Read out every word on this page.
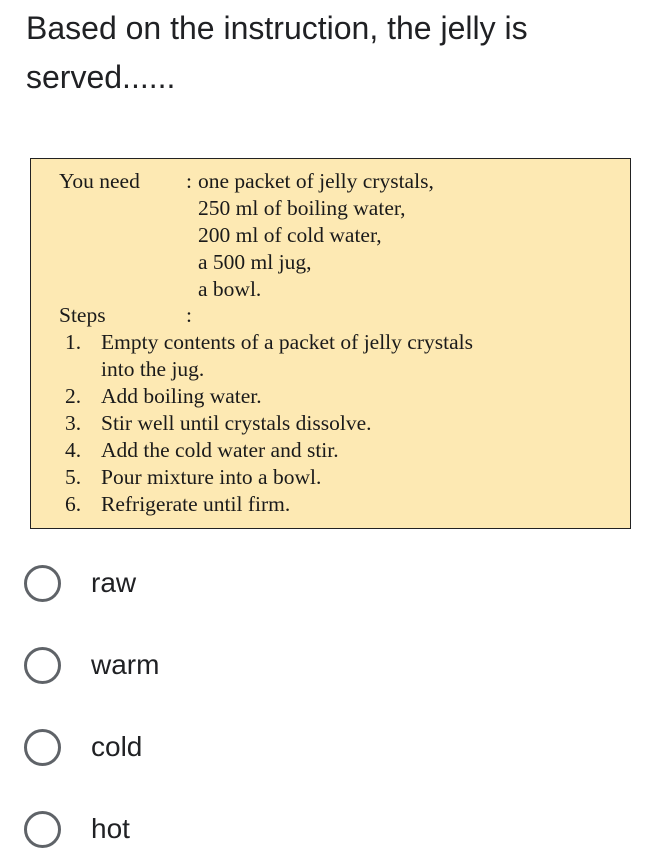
Based on the instruction, the jelly is
served......
You need : one packet of jelly crystals,
250 ml of boiling water,
200 ml of cold water,
a 500 ml jug,
a bowl.
Steps	:
1. Empty contents of a packet of jelly crystals
into the jug.
2. Add boiling water.
3. Stir well until crystals dissolve.
4. Add the cold water and stir.
5. Pour mixture into a bowl.
6. Refrigerate until firm.
raw
warm
cold
hot
